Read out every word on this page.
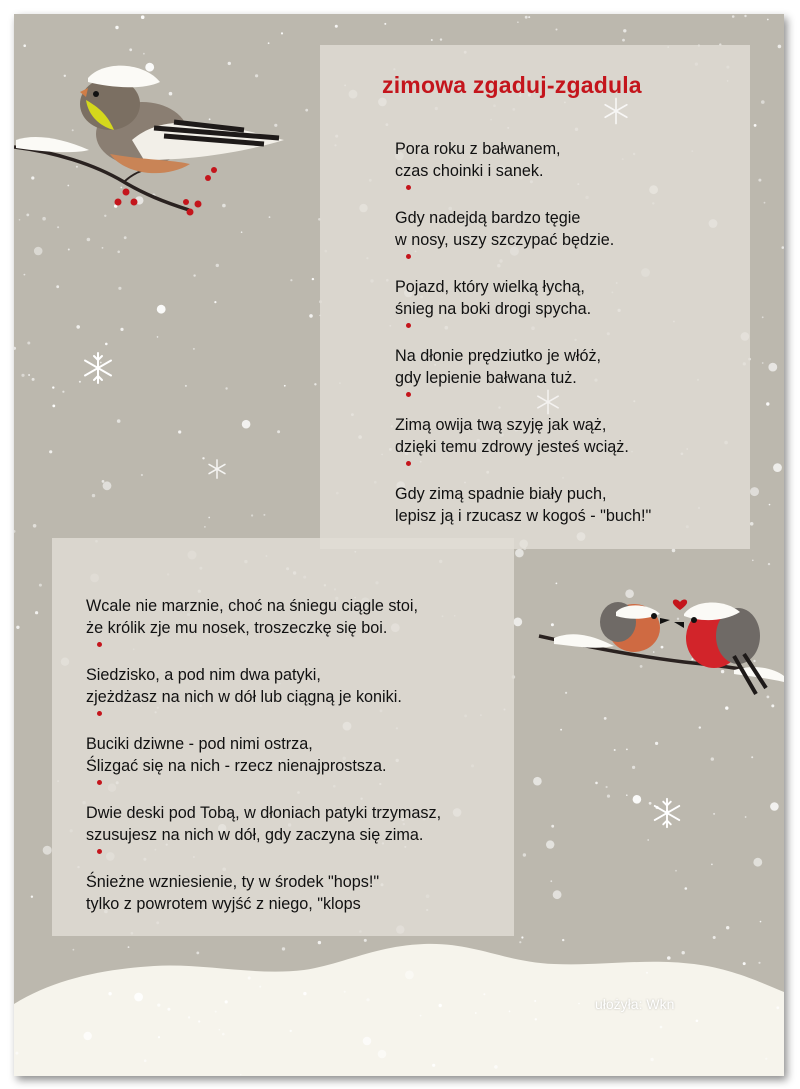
zimowa zgaduj-zgadula

Pora roku z bałwanem,

czas choinki i sanek.

Gdy nadejdą bardzo tęgie

w nosy, uszy szczypać będzie.

Pojazd, który wielką łychą,

śnieg na boki drogi spycha.

Na dłonie prędziutko je włóż,

gdy lepienie bałwana tuż.

Zimą owija twą szyję jak wąż,

dzięki temu zdrowy jesteś wciąż.

Gdy zimą spadnie biały puch,

lepisz ją i rzucasz w kogoś - "buch!"

Wcale nie marznie, choć na śniegu ciągle stoi,

że królik zje mu nosek, troszeczkę się boi.

Siedzisko, a pod nim dwa patyki,

zjeżdżasz na nich w dół lub ciągną je koniki.

Buciki dziwne - pod nimi ostrza,

Ślizgać się na nich - rzecz nienajprostsza.

Dwie deski pod Tobą, w dłoniach patyki trzymasz,

szusujesz na nich w dół, gdy zaczyna się zima.

Śnieżne wzniesienie, ty w środek "hops!"

tylko z powrotem wyjść z niego, "klops

ułożyła: Wkn
